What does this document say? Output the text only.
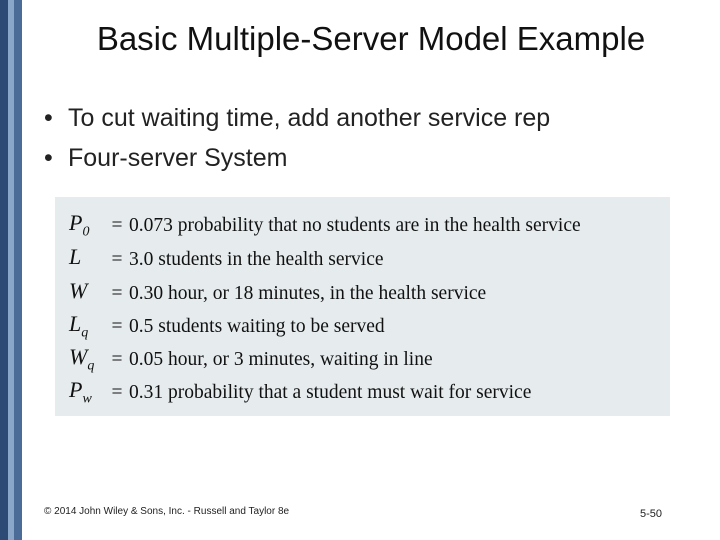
Basic Multiple-Server Model Example
• To cut waiting time, add another service rep
• Four-server System
$P_0$	= 0.073 probability that no students are in the health service
L	= 3.0 students in the health service
W	= 0.30 hour, or 18 minutes, in the health service
$L_q$	= 0.5 students waiting to be served
$W_q = 0.05$ hour, or 3 minutes, waiting in line
$P_w$	= 0.31 probability that a student must wait for service
© 2014 John Wiley & Sons, Inc. - Russell and Taylor 8e	5-50
